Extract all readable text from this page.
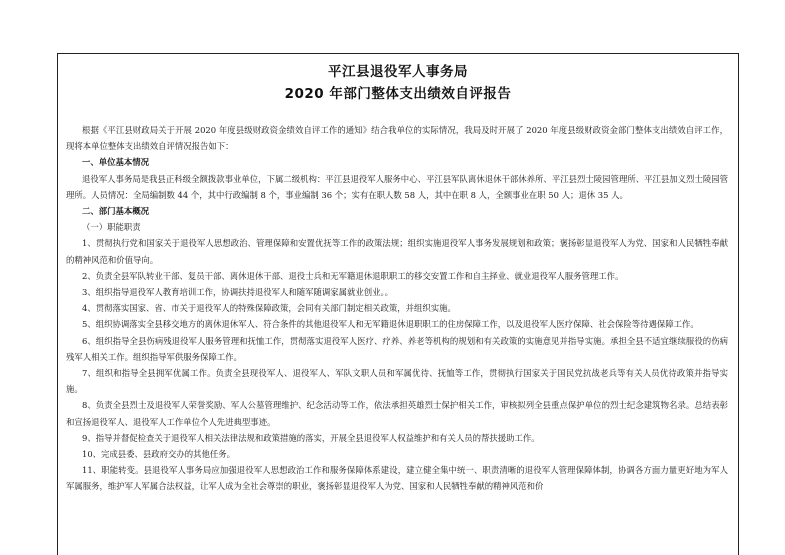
平江县退役军人事务局
2020 年部门整体支出绩效自评报告

根据《平江县财政局关于开展 2020 年度县级财政资金绩效自评工作的通知》结合我单位的实际情况，我局及时开展了 2020 年度县级财政资金部门整体支出绩效自评工作，现将本单位整体支出绩效自评情况报告如下：

一、单位基本情况

退役军人事务局是我县正科级全额拨款事业单位，下属二级机构：平江县退役军人服务中心、平江县军队离休退休干部休养所、平江县烈士陵园管理所、平江县加义烈士陵园管理所。人员情况：全局编制数 44 个，其中行政编制 8 个，事业编制 36 个；实有在职人数 58 人，其中在职 8 人，全额事业在职 50 人；退休 35 人。

二、部门基本概况

（一）职能职责

1、贯彻执行党和国家关于退役军人思想政治、管理保障和安置优抚等工作的政策法规；组织实施退役军人事务发展规划和政策；褒扬彰显退役军人为党、国家和人民牺牲奉献的精神风范和价值导向。

2、负责全县军队转业干部、复员干部、离休退休干部、退役士兵和无军籍退休退职职工的移交安置工作和自主择业、就业退役军人服务管理工作。

3、组织指导退役军人教育培训工作，协调扶持退役军人和随军随调家属就业创业。。

4、贯彻落实国家、省、市关于退役军人的特殊保障政策，会同有关部门制定相关政策，并组织实施。

5、组织协调落实全县移交地方的离休退休军人、符合条件的其他退役军人和无军籍退休退职职工的住房保障工作，以及退役军人医疗保障、社会保险等待遇保障工作。

6、组织指导全县伤病残退役军人服务管理和抚恤工作，贯彻落实退役军人医疗、疗养、养老等机构的规划和有关政策的实施意见并指导实施。承担全县不适宜继续服役的伤病残军人相关工作。组织指导军供服务保障工作。

7、组织和指导全县拥军优属工作。负责全县现役军人、退役军人、军队文职人员和军属优待、抚恤等工作，贯彻执行国家关于国民党抗战老兵等有关人员优待政策并指导实施。

8、负责全县烈士及退役军人荣誉奖励、军人公墓管理维护、纪念活动等工作，依法承担英雄烈士保护相关工作，审核拟列全县重点保护单位的烈士纪念建筑物名录。总结表彰和宣扬退役军人、退役军人工作单位个人先进典型事迹。

9、指导并督促检查关于退役军人相关法律法规和政策措施的落实，开展全县退役军人权益维护和有关人员的帮扶援助工作。

10、完成县委、县政府交办的其他任务。

11、职能转变。县退役军人事务局应加强退役军人思想政治工作和服务保障体系建设，建立健全集中统一、职责清晰的退役军人管理保障体制，协调各方面力量更好地为军人军属服务，维护军人军属合法权益，让军人成为全社会尊崇的职业，褒扬彰显退役军人为党、国家和人民牺牲奉献的精神风范和价
